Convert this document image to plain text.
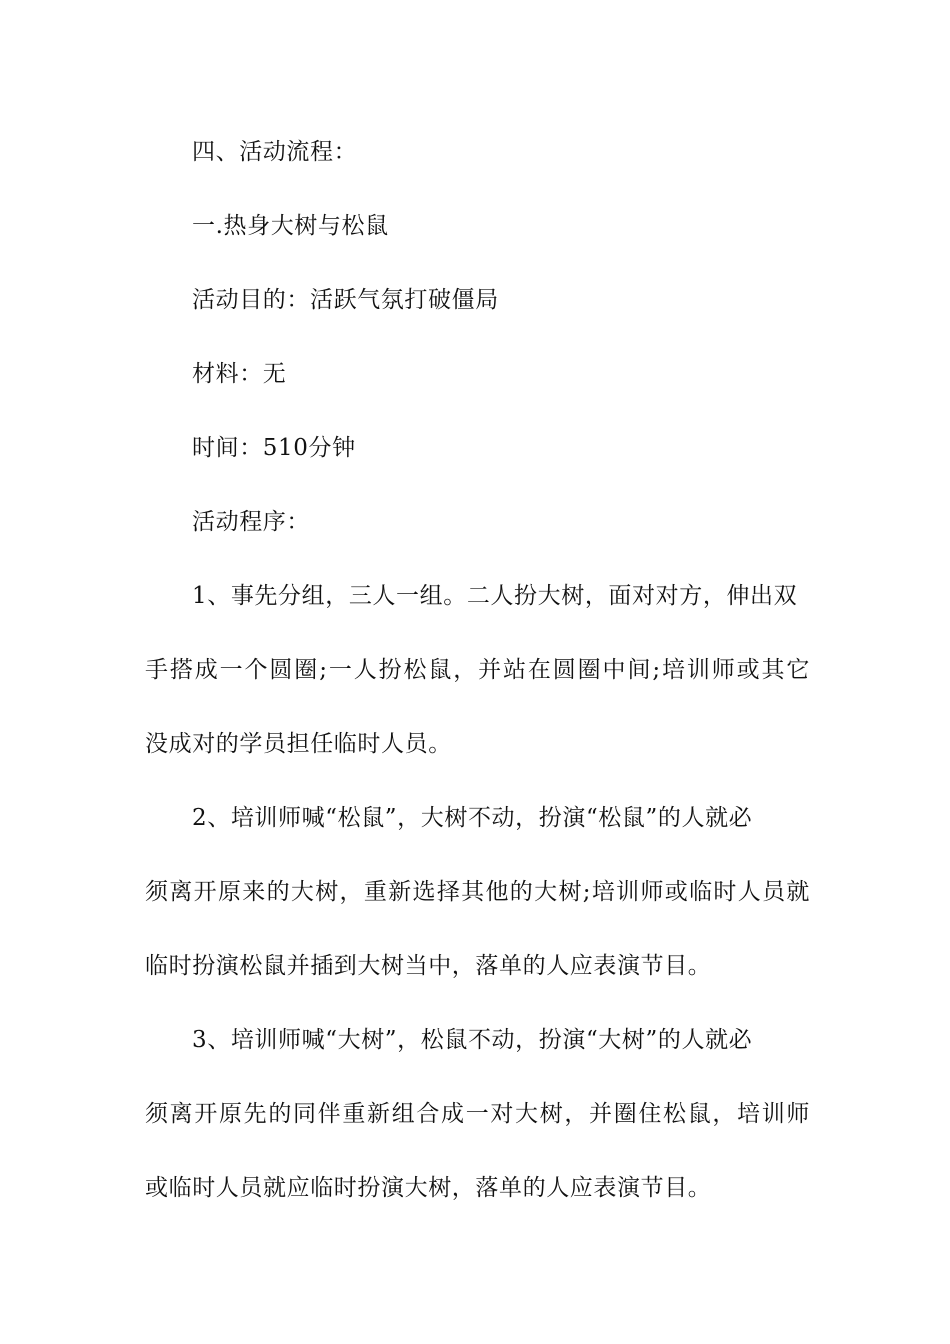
四、活动流程：
一.热身大树与松鼠
活动目的：活跃气氛打破僵局
材料：无
时间：510分钟
活动程序：
1、事先分组，三人一组。二人扮大树，面对对方，伸出双
手搭成一个圆圈;一人扮松鼠，并站在圆圈中间;培训师或其它
没成对的学员担任临时人员。
2、培训师喊“松鼠”，大树不动，扮演“松鼠”的人就必
须离开原来的大树，重新选择其他的大树;培训师或临时人员就
临时扮演松鼠并插到大树当中，落单的人应表演节目。
3、培训师喊“大树”，松鼠不动，扮演“大树”的人就必
须离开原先的同伴重新组合成一对大树，并圈住松鼠，培训师
或临时人员就应临时扮演大树，落单的人应表演节目。
